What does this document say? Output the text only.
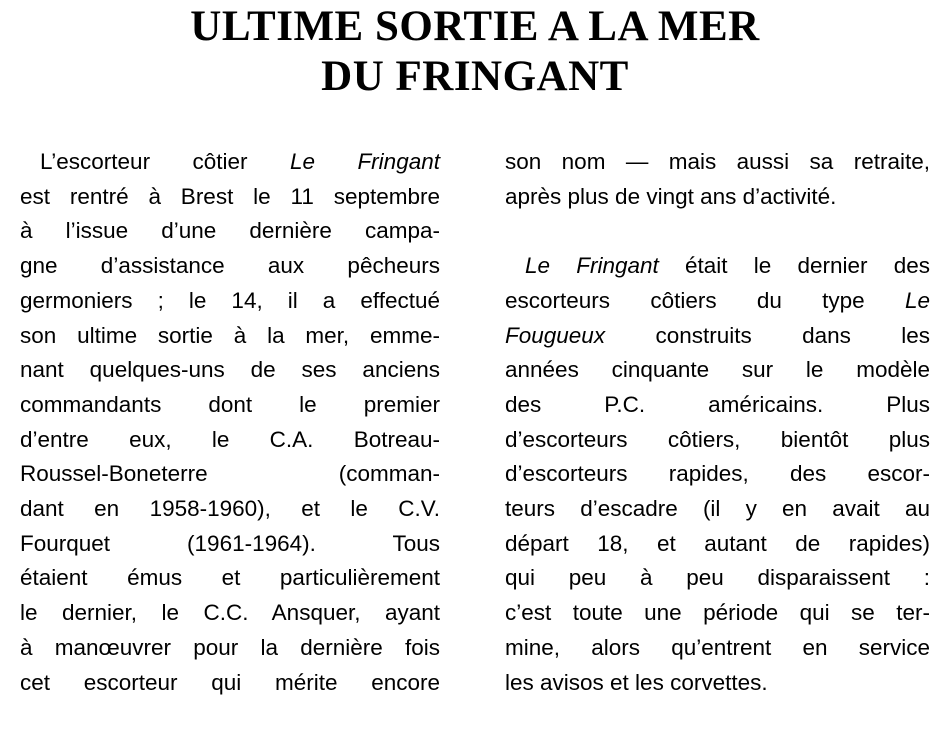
ULTIME SORTIE A LA MER
DU FRINGANT
L’escorteur côtier Le Fringant
est rentré à Brest le 11 septembre
à l’issue d’une dernière campa-
gne d’assistance aux pêcheurs
germoniers ; le 14, il a effectué
son ultime sortie à la mer, emme-
nant quelques-uns de ses anciens
commandants dont le premier
d’entre eux, le C.A. Botreau-
Roussel-Boneterre (comman-
dant en 1958-1960), et le C.V.
Fourquet (1961-1964). Tous
étaient émus et particulièrement
le dernier, le C.C. Ansquer, ayant
à manœuvrer pour la dernière fois
cet escorteur qui mérite encore
son nom — mais aussi sa retraite,
après plus de vingt ans d’activité.
Le Fringant était le dernier des
escorteurs côtiers du type Le
Fougueux construits dans les
années cinquante sur le modèle
des P.C. américains. Plus
d’escorteurs côtiers, bientôt plus
d’escorteurs rapides, des escor-
teurs d’escadre (il y en avait au
départ 18, et autant de rapides)
qui peu à peu disparaissent :
c’est toute une période qui se ter-
mine, alors qu’entrent en service
les avisos et les corvettes.
